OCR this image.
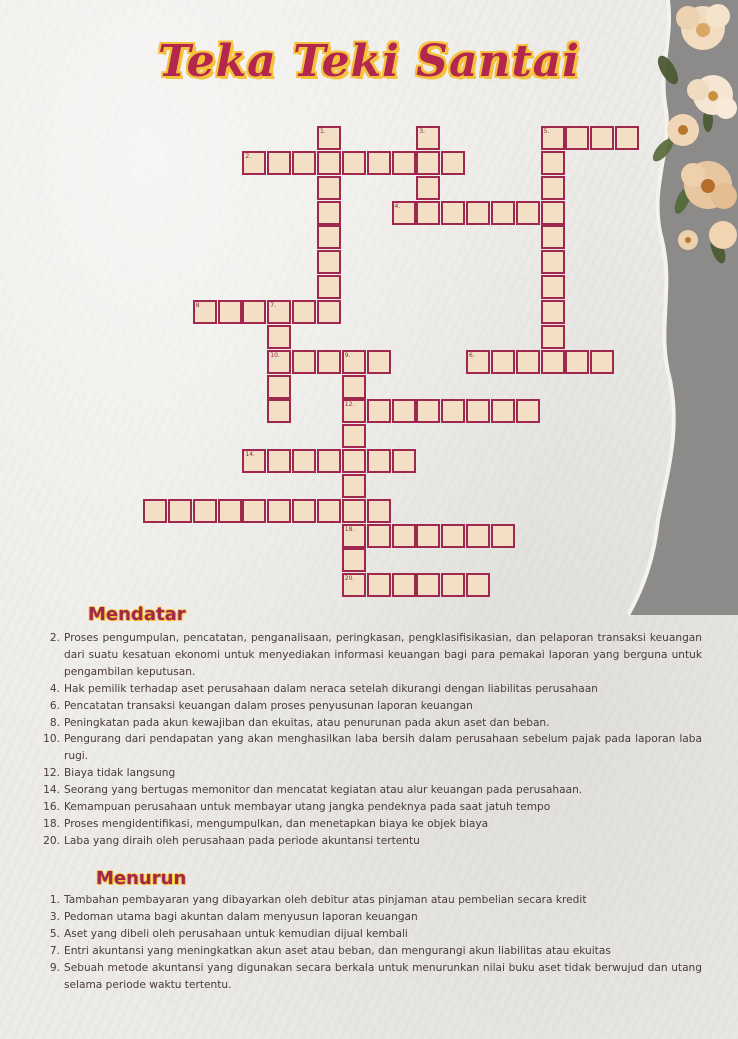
Teka Teki Santai
2.
4.
8
10.	6.
12.
14.
18.
20.
1.	3.	5.
7.
9.
Mendatar
2. Proses pengumpulan, pencatatan, penganalisaan, peringkasan, pengklasifisikasian, dan pelaporan transaksi keuangan dari suatu kesatuan ekonomi untuk menyediakan informasi keuangan bagi para pemakai laporan yang berguna untuk pengambilan keputusan.
4. Hak pemilik terhadap aset perusahaan dalam neraca setelah dikurangi dengan liabilitas perusahaan
6. Pencatatan transaksi keuangan dalam proses penyusunan laporan keuangan
8. Peningkatan pada akun kewajiban dan ekuitas, atau penurunan pada akun aset dan beban.
10. Pengurang dari pendapatan yang akan menghasilkan laba bersih dalam perusahaan sebelum pajak pada laporan laba rugi.
12. Biaya tidak langsung
14. Seorang yang bertugas memonitor dan mencatat kegiatan atau alur keuangan pada perusahaan.
16. Kemampuan perusahaan untuk membayar utang jangka pendeknya pada saat jatuh tempo
18. Proses mengidentifikasi, mengumpulkan, dan menetapkan biaya ke objek biaya
20. Laba yang diraih oleh perusahaan pada periode akuntansi tertentu
Menurun
1. Tambahan pembayaran yang dibayarkan oleh debitur atas pinjaman atau pembelian secara kredit
3. Pedoman utama bagi akuntan dalam menyusun laporan keuangan
5. Aset yang dibeli oleh perusahaan untuk kemudian dijual kembali
7. Entri akuntansi yang meningkatkan akun aset atau beban, dan mengurangi akun liabilitas atau ekuitas
9. Sebuah metode akuntansi yang digunakan secara berkala untuk menurunkan nilai buku aset tidak berwujud dan utang selama periode waktu tertentu.
